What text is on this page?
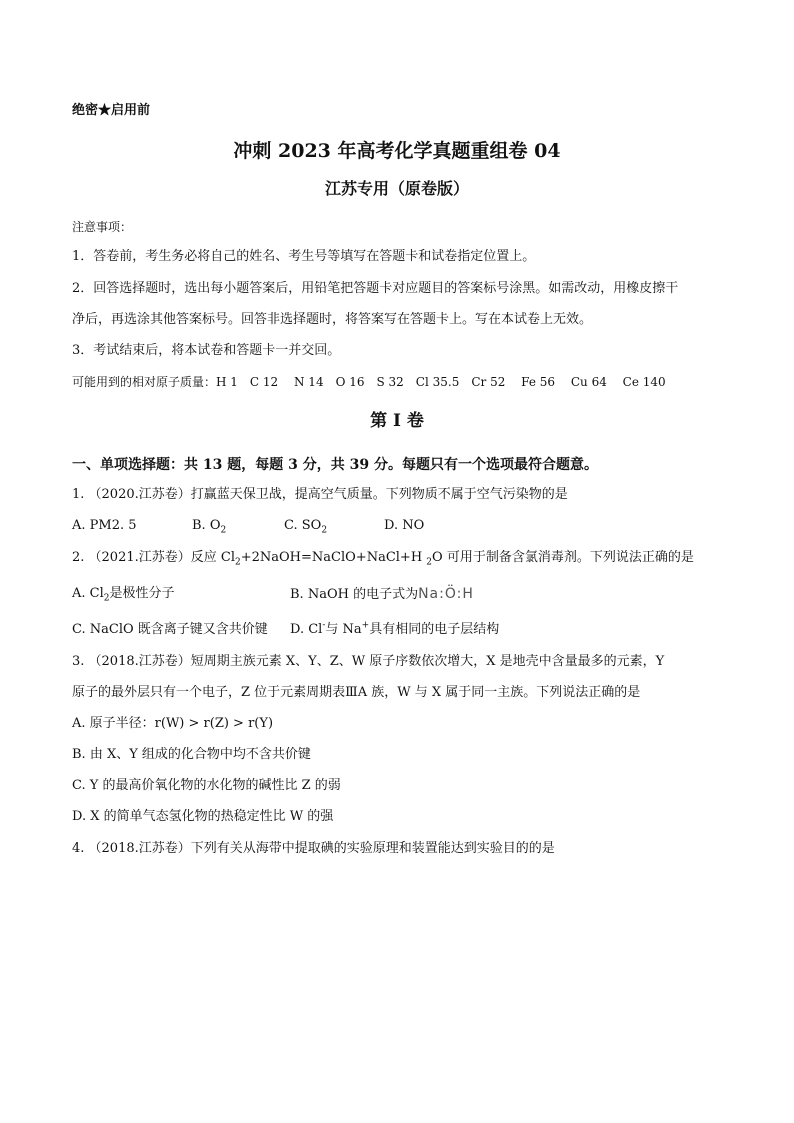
绝密★启用前
冲刺 2023 年高考化学真题重组卷 04
江苏专用（原卷版）
注意事项：
1．答卷前，考生务必将自己的姓名、考生号等填写在答题卡和试卷指定位置上。
2．回答选择题时，选出每小题答案后，用铅笔把答题卡对应题目的答案标号涂黑。如需改动，用橡皮擦干
净后，再选涂其他答案标号。回答非选择题时，将答案写在答题卡上。写在本试卷上无效。
3．考试结束后，将本试卷和答题卡一并交回。
可能用到的相对原子质量：H 1　C 12　 N 14　O 16　S 32　Cl 35.5　Cr 52　 Fe 56　 Cu 64　 Ce 140
第 I 卷
一、单项选择题：共 13 题，每题 3 分，共 39 分。每题只有一个选项最符合题意。
1. （2020.江苏卷）打赢蓝天保卫战，提高空气质量。下列物质不属于空气污染物的是
A. PM2. 5	B. $O_2$	C. $SO_2$	D. NO
2. （2021.江苏卷）反应 $Cl_2+2NaOH=NaClO+NaCl+H$ $_2$O 可用于制备含氯消毒剂。下列说法正确的是
A. $Cl_2$是极性分子	B. NaOH 的电子式为Na:Ö:H
C. NaClO 既含离子键又含共价键 D. Cl-与 Na+具有相同的电子层结构
3. （2018.江苏卷）短周期主族元素 X、Y、Z、W 原子序数依次增大，X 是地壳中含量最多的元素，Y
原子的最外层只有一个电子，Z 位于元素周期表ⅢA 族，W 与 X 属于同一主族。下列说法正确的是
A. 原子半径：r(W) > r(Z) > r(Y)
B. 由 X、Y 组成的化合物中均不含共价键
C. Y 的最高价氧化物的水化物的碱性比 Z 的弱
D. X 的简单气态氢化物的热稳定性比 W 的强
4. （2018.江苏卷）下列有关从海带中提取碘的实验原理和装置能达到实验目的的是
